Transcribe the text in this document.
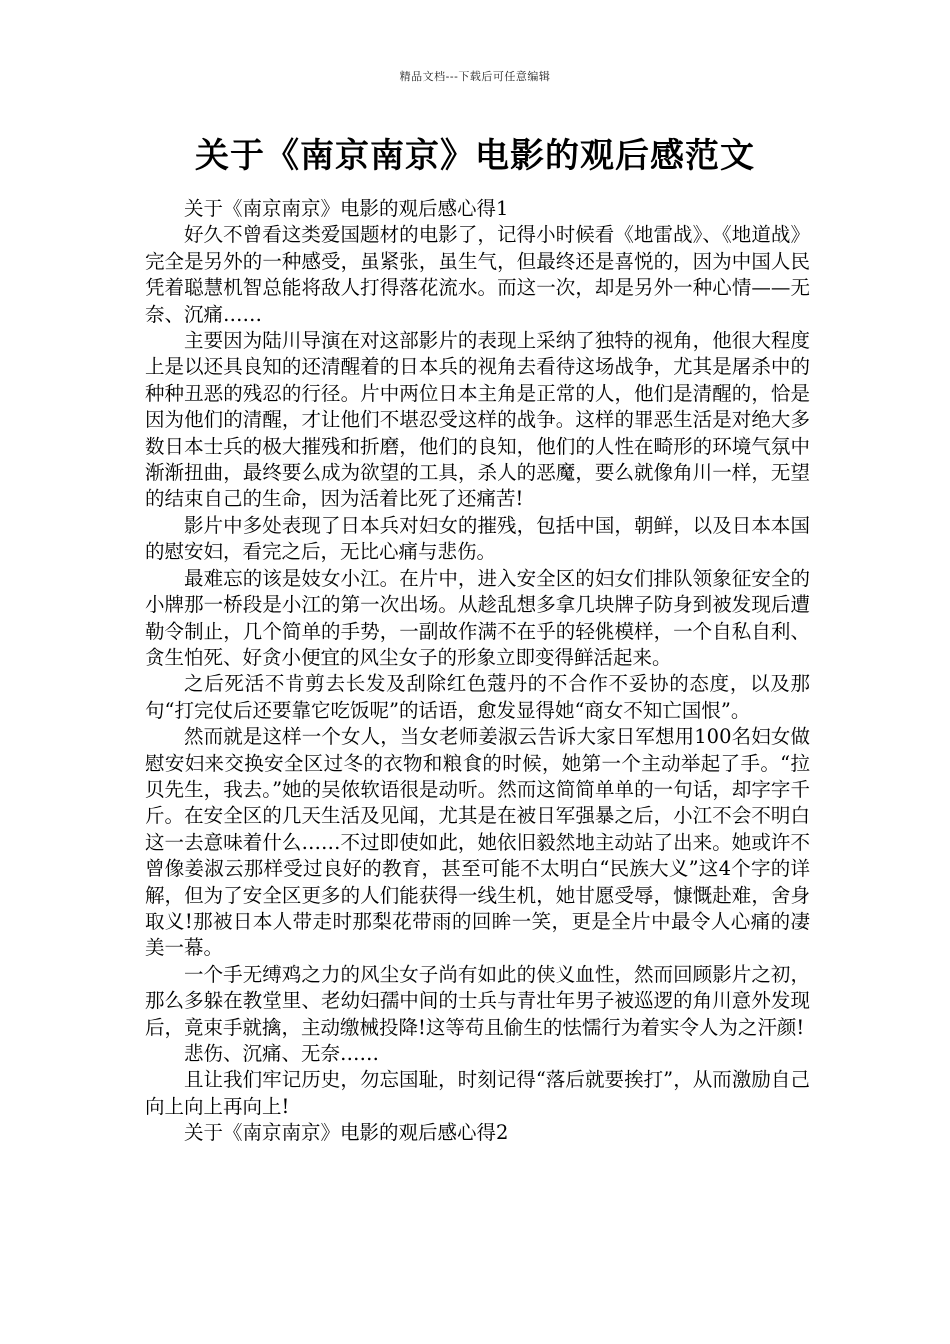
精品文档---下载后可任意编辑
关于《南京南京》电影的观后感范文

关于《南京南京》电影的观后感心得1

好久不曾看这类爱国题材的电影了，记得小时候看《地雷战》、《地道战》完全是另外的一种感受，虽紧张，虽生气，但最终还是喜悦的，因为中国人民凭着聪慧机智总能将敌人打得落花流水。而这一次，却是另外一种心情——无奈、沉痛……

主要因为陆川导演在对这部影片的表现上采纳了独特的视角，他很大程度上是以还具良知的还清醒着的日本兵的视角去看待这场战争，尤其是屠杀中的种种丑恶的残忍的行径。片中两位日本主角是正常的人，他们是清醒的，恰是因为他们的清醒，才让他们不堪忍受这样的战争。这样的罪恶生活是对绝大多数日本士兵的极大摧残和折磨，他们的良知，他们的人性在畸形的环境气氛中渐渐扭曲，最终要么成为欲望的工具，杀人的恶魔，要么就像角川一样，无望的结束自己的生命，因为活着比死了还痛苦!

影片中多处表现了日本兵对妇女的摧残，包括中国，朝鲜，以及日本本国的慰安妇，看完之后，无比心痛与悲伤。

最难忘的该是妓女小江。在片中，进入安全区的妇女们排队领象征安全的小牌那一桥段是小江的第一次出场。从趁乱想多拿几块牌子防身到被发现后遭勒令制止，几个简单的手势，一副故作满不在乎的轻佻模样，一个自私自利、贪生怕死、好贪小便宜的风尘女子的形象立即变得鲜活起来。

之后死活不肯剪去长发及刮除红色蔻丹的不合作不妥协的态度，以及那句“打完仗后还要靠它吃饭呢”的话语，愈发显得她“商女不知亡国恨”。

然而就是这样一个女人，当女老师姜淑云告诉大家日军想用100名妇女做慰安妇来交换安全区过冬的衣物和粮食的时候，她第一个主动举起了手。“拉贝先生，我去。”她的吴侬软语很是动听。然而这简简单单的一句话，却字字千斤。在安全区的几天生活及见闻，尤其是在被日军强暴之后，小江不会不明白这一去意味着什么……不过即使如此，她依旧毅然地主动站了出来。她或许不曾像姜淑云那样受过良好的教育，甚至可能不太明白“民族大义”这4个字的详解，但为了安全区更多的人们能获得一线生机，她甘愿受辱，慷慨赴难，舍身取义!那被日本人带走时那梨花带雨的回眸一笑，更是全片中最令人心痛的凄美一幕。

一个手无缚鸡之力的风尘女子尚有如此的侠义血性，然而回顾影片之初，那么多躲在教堂里、老幼妇孺中间的士兵与青壮年男子被巡逻的角川意外发现后，竟束手就擒，主动缴械投降!这等苟且偷生的怯懦行为着实令人为之汗颜!

悲伤、沉痛、无奈……

且让我们牢记历史，勿忘国耻，时刻记得“落后就要挨打”，从而激励自己向上向上再向上!

关于《南京南京》电影的观后感心得2
